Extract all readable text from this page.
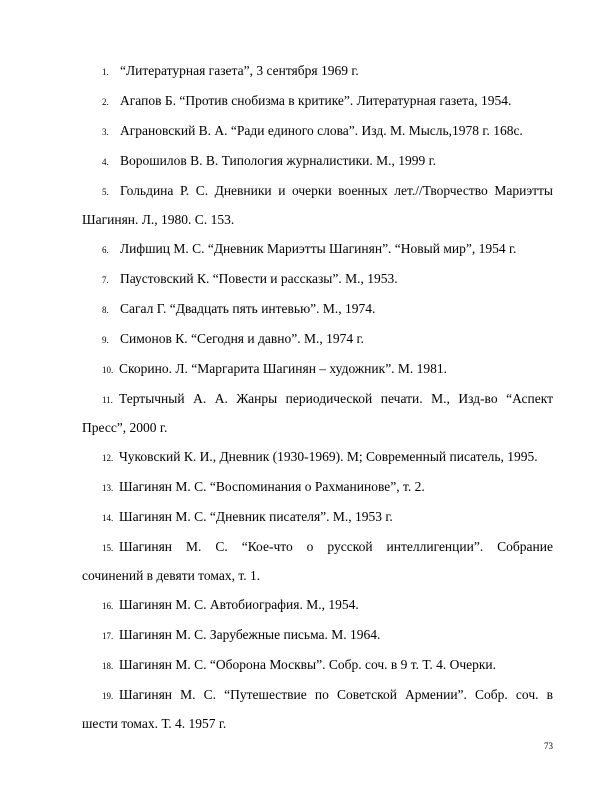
1. “Литературная газета”, 3 сентября 1969 г.
2. Агапов Б. “Против снобизма в критике”. Литературная газета, 1954.
3. Аграновский В. А. “Ради единого слова”. Изд. М. Мысль,1978 г. 168с.
4. Ворошилов В. В. Типология журналистики. М., 1999 г.
5. Гольдина Р. С. Дневники и очерки военных лет.//Творчество Мариэтты
Шагинян. Л., 1980. С. 153.
6. Лифшиц М. С. “Дневник Мариэтты Шагинян”. “Новый мир”, 1954 г.
7. Паустовский К. “Повести и рассказы”. М., 1953.
8. Сагал Г. “Двадцать пять интевью”. М., 1974.
9. Симонов К. “Сегодня и давно”. М., 1974 г.
10. Скорино. Л. “Маргарита Шагинян – художник”. М. 1981.
11. Тертычный А. А. Жанры периодической печати. М., Изд-во “Аспект
Пресс”, 2000 г.
12. Чуковский К. И., Дневник (1930-1969). М; Современный писатель, 1995.
13. Шагинян М. С. “Воспоминания о Рахманинове”, т. 2.
14. Шагинян М. С. “Дневник писателя”. М., 1953 г.
15. Шагинян М. С. “Кое-что о русской интеллигенции”. Собрание
сочинений в девяти томах, т. 1.
16. Шагинян М. С. Автобиография. М., 1954.
17. Шагинян М. С. Зарубежные письма. М. 1964.
18. Шагинян М. С. “Оборона Москвы”. Собр. соч. в 9 т. Т. 4. Очерки.
19. Шагинян М. С. “Путешествие по Советской Армении”. Собр. соч. в
шести томах. Т. 4. 1957 г.
73
